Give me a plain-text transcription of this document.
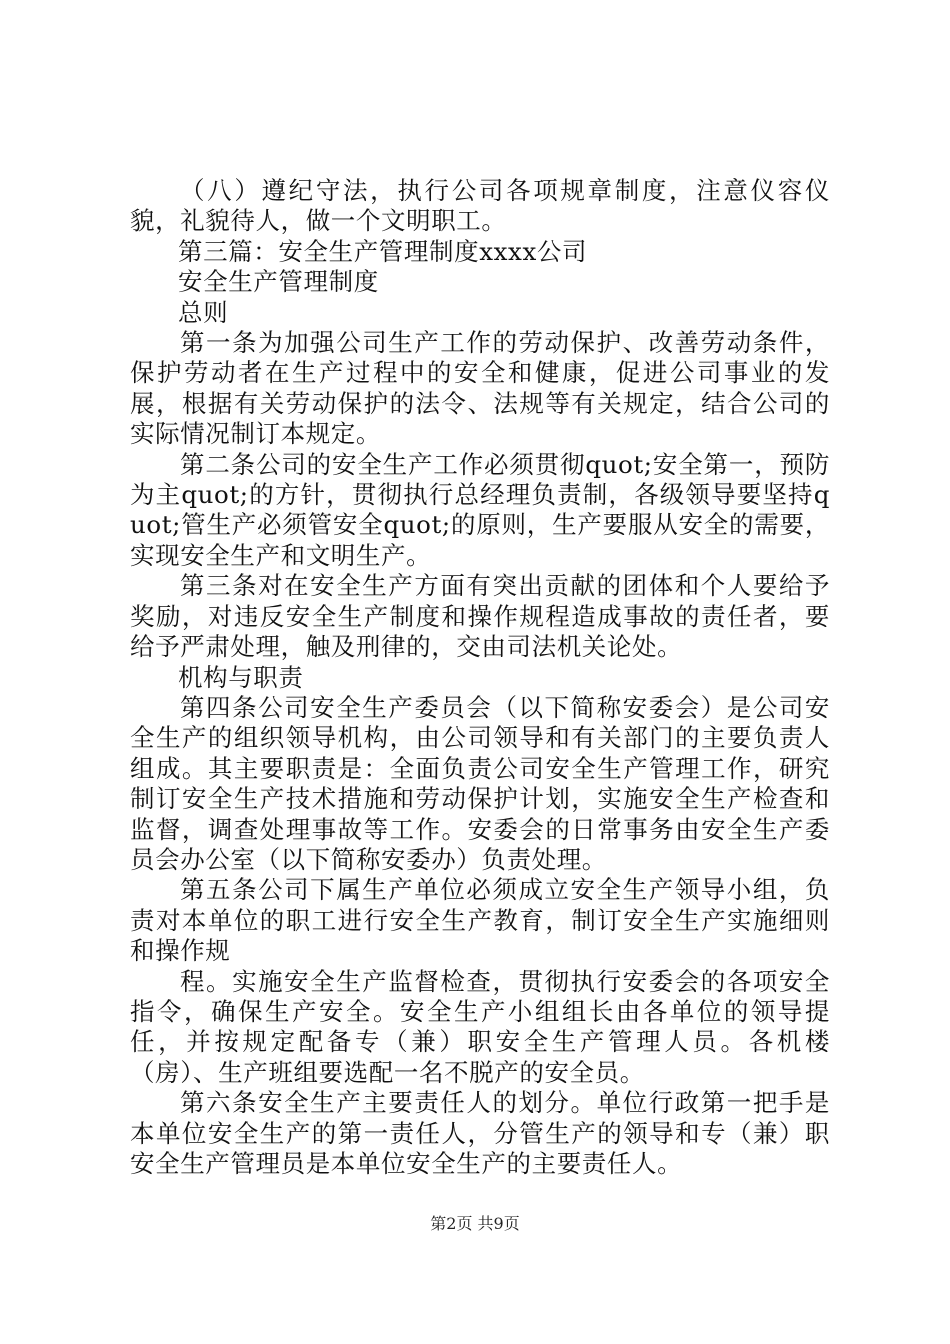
（八）遵纪守法，执行公司各项规章制度，注意仪容仪貌，礼貌待人，做一个文明职工。

第三篇：安全生产管理制度xxxx公司

安全生产管理制度

总则

第一条为加强公司生产工作的劳动保护、改善劳动条件，保护劳动者在生产过程中的安全和健康，促进公司事业的发展，根据有关劳动保护的法令、法规等有关规定，结合公司的实际情况制订本规定。

第二条公司的安全生产工作必须贯彻quot;安全第一，预防为主quot;的方针，贯彻执行总经理负责制，各级领导要坚持quot;管生产必须管安全quot;的原则，生产要服从安全的需要，实现安全生产和文明生产。

第三条对在安全生产方面有突出贡献的团体和个人要给予奖励，对违反安全生产制度和操作规程造成事故的责任者，要给予严肃处理，触及刑律的，交由司法机关论处。

机构与职责

第四条公司安全生产委员会（以下简称安委会）是公司安全生产的组织领导机构，由公司领导和有关部门的主要负责人组成。其主要职责是：全面负责公司安全生产管理工作，研究制订安全生产技术措施和劳动保护计划，实施安全生产检查和监督，调查处理事故等工作。安委会的日常事务由安全生产委员会办公室（以下简称安委办）负责处理。

第五条公司下属生产单位必须成立安全生产领导小组，负责对本单位的职工进行安全生产教育，制订安全生产实施细则和操作规

程。实施安全生产监督检查，贯彻执行安委会的各项安全指令，确保生产安全。安全生产小组组长由各单位的领导提任，并按规定配备专（兼）职安全生产管理人员。各机楼（房）、生产班组要选配一名不脱产的安全员。

第六条安全生产主要责任人的划分。单位行政第一把手是本单位安全生产的第一责任人，分管生产的领导和专（兼）职安全生产管理员是本单位安全生产的主要责任人。

第2页 共9页
